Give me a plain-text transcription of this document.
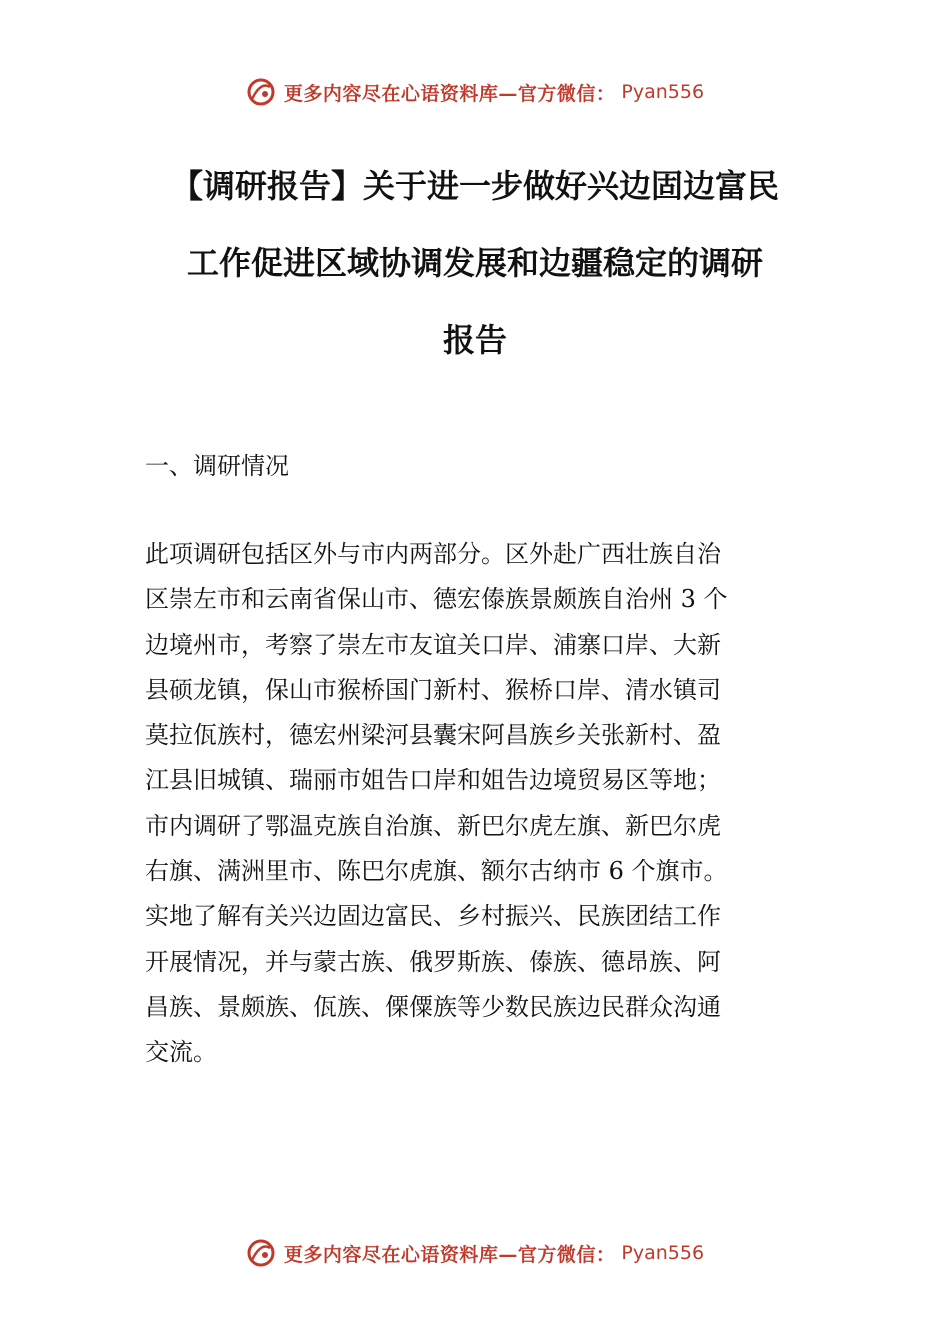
更多内容尽在心语资料库—官方微信： Pyan556
【调研报告】关于进一步做好兴边固边富民
工作促进区域协调发展和边疆稳定的调研
报告
一、调研情况
此项调研包括区外与市内两部分。区外赴广西壮族自治
区崇左市和云南省保山市、德宏傣族景颇族自治州 3 个
边境州市，考察了崇左市友谊关口岸、浦寨口岸、大新
县硕龙镇，保山市猴桥国门新村、猴桥口岸、清水镇司
莫拉佤族村，德宏州梁河县囊宋阿昌族乡关张新村、盈
江县旧城镇、瑞丽市姐告口岸和姐告边境贸易区等地；
市内调研了鄂温克族自治旗、新巴尔虎左旗、新巴尔虎
右旗、满洲里市、陈巴尔虎旗、额尔古纳市 6 个旗市。
实地了解有关兴边固边富民、乡村振兴、民族团结工作
开展情况，并与蒙古族、俄罗斯族、傣族、德昂族、阿
昌族、景颇族、佤族、傈僳族等少数民族边民群众沟通
交流。
更多内容尽在心语资料库—官方微信： Pyan556
